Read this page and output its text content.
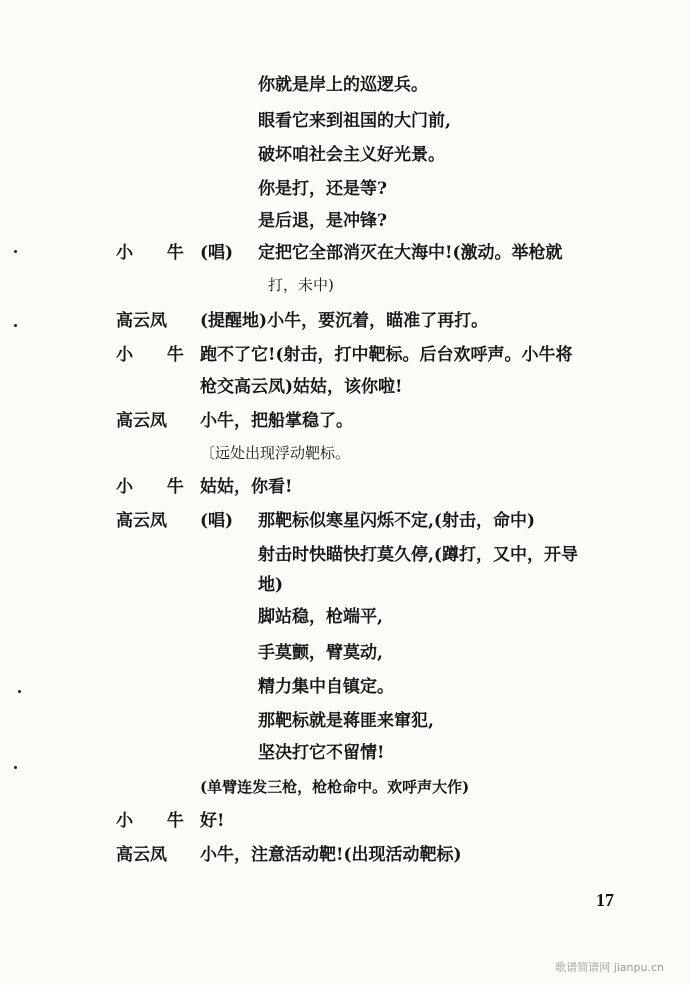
你就是岸上的巡逻兵。
眼看它来到祖国的大门前,
破坏咱社会主义好光景。
你是打，还是等?
是后退，是冲锋?
小 牛 (唱) 定把它全部消灭在大海中!(激动。举枪就
打，未中)
高云凤 (提醒地)小牛，要沉着，瞄准了再打。
小 牛 跑不了它!(射击，打中靶标。后台欢呼声。小牛将
枪交高云凤)姑姑，该你啦!
高云凤 小牛，把船掌稳了。
〔远处出现浮动靶标。
小 牛 姑姑，你看!
高云凤 (唱) 那靶标似寒星闪烁不定,(射击，命中)
射击时快瞄快打莫久停,(蹲打，又中，开导
地)
脚站稳，枪端平,
手莫颤，臂莫动,
精力集中自镇定。
那靶标就是蒋匪来窜犯,
坚决打它不留情!
(单臂连发三枪，枪枪命中。欢呼声大作)
小 牛 好!
高云凤 小牛，注意活动靶!(出现活动靶标)
17
歌谱简谱网 jianpu.cn
